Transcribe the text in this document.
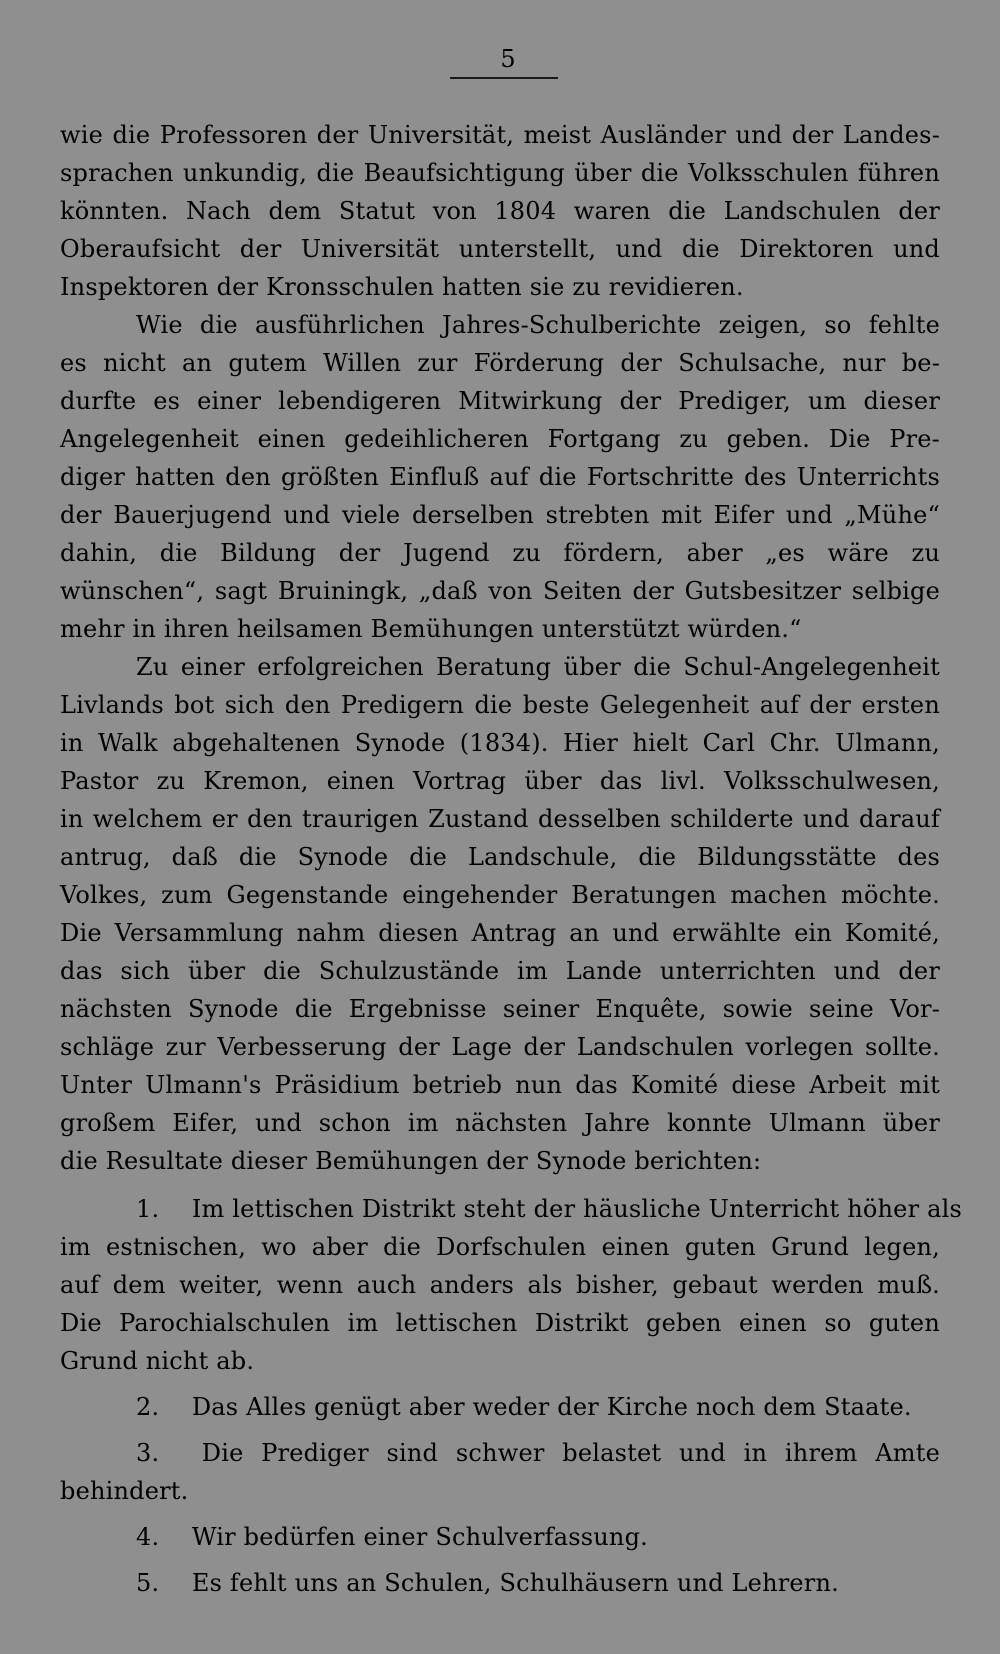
5
wie die Professoren der Universität, meist Ausländer und der Landes-
sprachen unkundig, die Beaufsichtigung über die Volksschulen führen
könnten. Nach dem Statut von 1804 waren die Landschulen der
Oberaufsicht der Universität unterstellt, und die Direktoren und
Inspektoren der Kronsschulen hatten sie zu revidieren.
Wie die ausführlichen Jahres-Schulberichte zeigen, so fehlte
es nicht an gutem Willen zur Förderung der Schulsache, nur be-
durfte es einer lebendigeren Mitwirkung der Prediger, um dieser
Angelegenheit einen gedeihlicheren Fortgang zu geben. Die Pre-
diger hatten den größten Einfluß auf die Fortschritte des Unterrichts
der Bauerjugend und viele derselben strebten mit Eifer und „Mühe“
dahin, die Bildung der Jugend zu fördern, aber „es wäre zu
wünschen“, sagt Bruiningk, „daß von Seiten der Gutsbesitzer selbige
mehr in ihren heilsamen Bemühungen unterstützt würden.“
Zu einer erfolgreichen Beratung über die Schul-Angelegenheit
Livlands bot sich den Predigern die beste Gelegenheit auf der ersten
in Walk abgehaltenen Synode (1834). Hier hielt Carl Chr. Ulmann,
Pastor zu Kremon, einen Vortrag über das livl. Volksschulwesen,
in welchem er den traurigen Zustand desselben schilderte und darauf
antrug, daß die Synode die Landschule, die Bildungsstätte des
Volkes, zum Gegenstande eingehender Beratungen machen möchte.
Die Versammlung nahm diesen Antrag an und erwählte ein Komité,
das sich über die Schulzustände im Lande unterrichten und der
nächsten Synode die Ergebnisse seiner Enquête, sowie seine Vor-
schläge zur Verbesserung der Lage der Landschulen vorlegen sollte.
Unter Ulmann's Präsidium betrieb nun das Komité diese Arbeit mit
großem Eifer, und schon im nächsten Jahre konnte Ulmann über
die Resultate dieser Bemühungen der Synode berichten:
1. Im lettischen Distrikt steht der häusliche Unterricht höher als
im estnischen, wo aber die Dorfschulen einen guten Grund legen,
auf dem weiter, wenn auch anders als bisher, gebaut werden muß.
Die Parochialschulen im lettischen Distrikt geben einen so guten
Grund nicht ab.
2. Das Alles genügt aber weder der Kirche noch dem Staate.
3. Die Prediger sind schwer belastet und in ihrem Amte
behindert.
4. Wir bedürfen einer Schulverfassung.
5. Es fehlt uns an Schulen, Schulhäusern und Lehrern.
